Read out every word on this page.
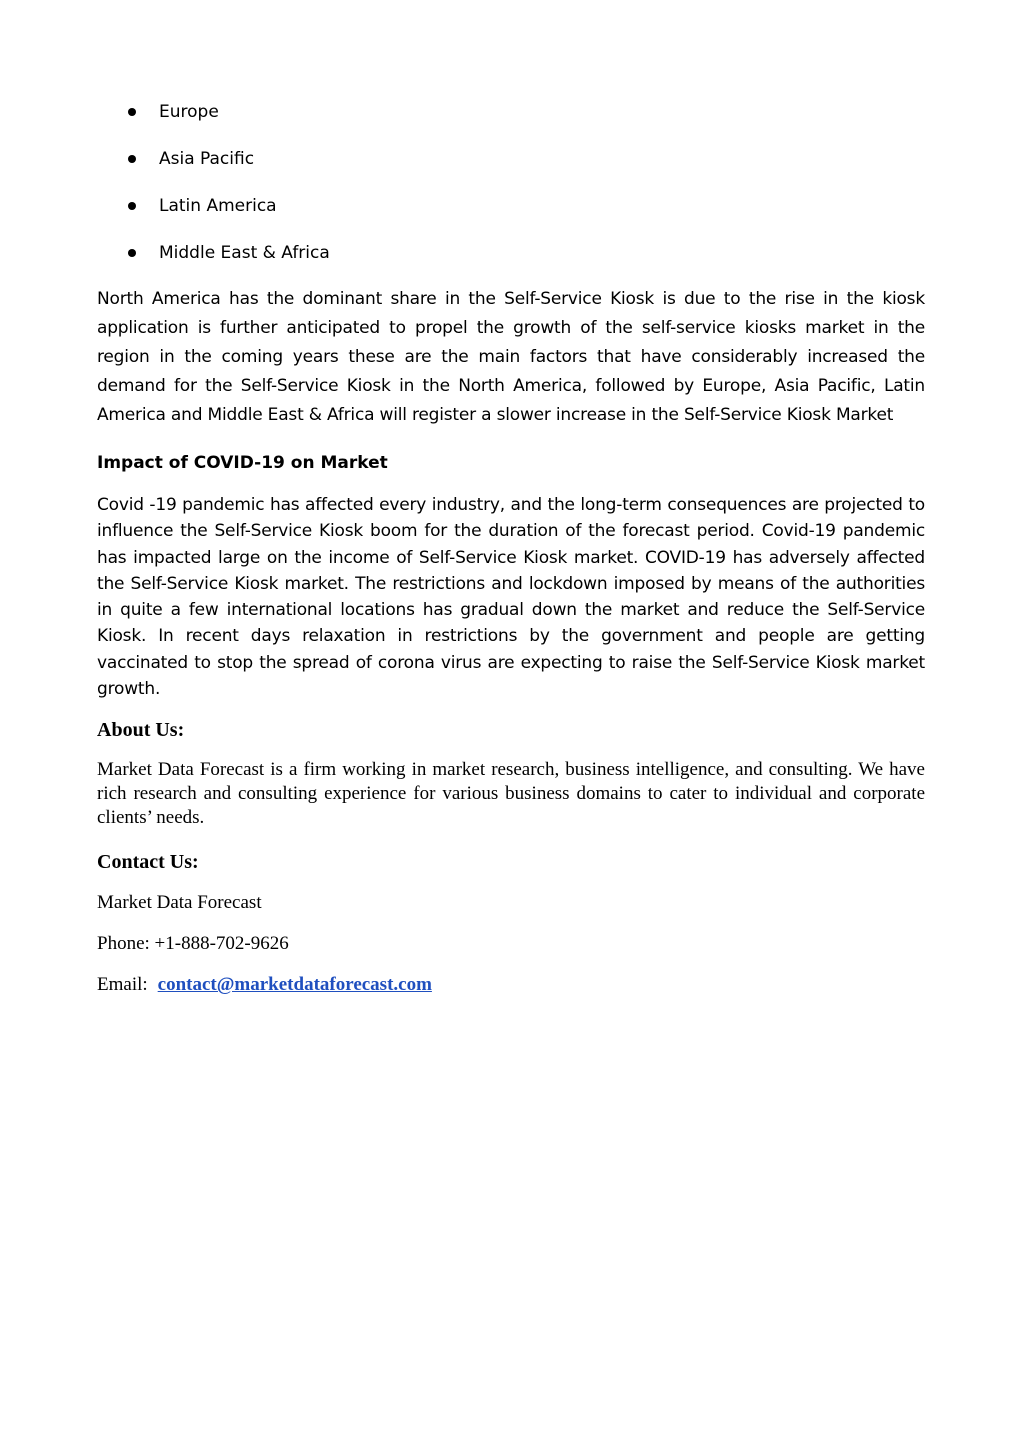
Europe
Asia Pacific
Latin America
Middle East & Africa

North America has the dominant share in the Self-Service Kiosk is due to the rise in the kiosk application is further anticipated to propel the growth of the self-service kiosks market in the region in the coming years these are the main factors that have considerably increased the demand for the Self-Service Kiosk in the North America, followed by Europe, Asia Pacific, Latin America and Middle East & Africa will register a slower increase in the Self-Service Kiosk Market

Impact of COVID-19 on Market

Covid -19 pandemic has affected every industry, and the long-term consequences are projected to influence the Self-Service Kiosk boom for the duration of the forecast period. Covid-19 pandemic has impacted large on the income of Self-Service Kiosk market. COVID-19 has adversely affected the Self-Service Kiosk market. The restrictions and lockdown imposed by means of the authorities in quite a few international locations has gradual down the market and reduce the Self-Service Kiosk. In recent days relaxation in restrictions by the government and people are getting vaccinated to stop the spread of corona virus are expecting to raise the Self-Service Kiosk market growth.

About Us:

Market Data Forecast is a firm working in market research, business intelligence, and consulting. We have rich research and consulting experience for various business domains to cater to individual and corporate clients’ needs.

Contact Us:

Market Data Forecast

Phone: +1-888-702-9626

Email: contact@marketdataforecast.com
